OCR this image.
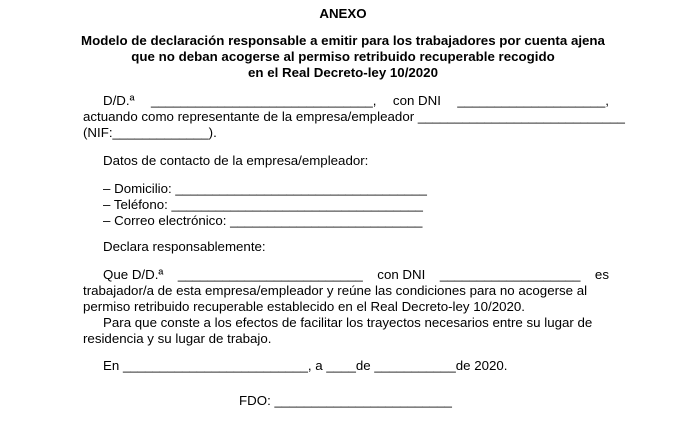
ANEXO
Modelo de declaración responsable a emitir para los trabajadores por cuenta ajena
que no deban acogerse al permiso retribuido recuperable recogido
en el Real Decreto-ley 10/2020
D/D.ª ______________________________, con DNI ____________________,
actuando como representante de la empresa/empleador ____________________________
(NIF:_____________).
Datos de contacto de la empresa/empleador:
– Domicilio: __________________________________
– Teléfono: __________________________________
– Correo electrónico: __________________________
Declara responsablemente:
Que D/D.ª _________________________ con DNI ___________________ es
trabajador/a de esta empresa/empleador y reúne las condiciones para no acogerse al
permiso retribuido recuperable establecido en el Real Decreto-ley 10/2020.
Para que conste a los efectos de facilitar los trayectos necesarios entre su lugar de
residencia y su lugar de trabajo.
En _________________________, a ____de ___________de 2020.
FDO: ________________________
